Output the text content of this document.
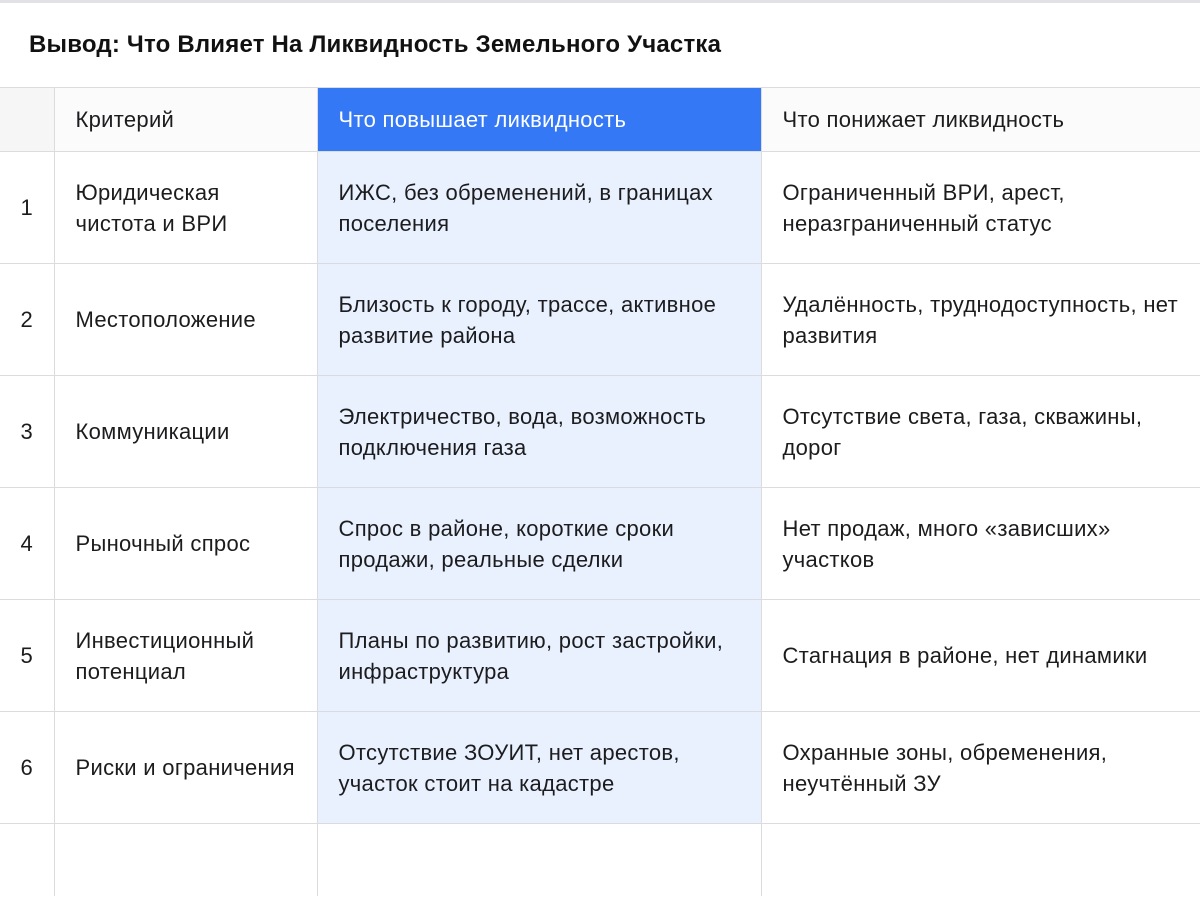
Вывод: Что Влияет На Ликвидность Земельного Участка
	Критерий	Что повышает ликвидность	Что понижает ликвидность
1	Юридическая чистота и ВРИ	ИЖС, без обременений, в границах поселения	Ограниченный ВРИ, арест, неразграниченный статус
2	Местоположение	Близость к городу, трассе, активное развитие района	Удалённость, труднодоступность, нет развития
3	Коммуникации	Электричество, вода, возможность подключения газа	Отсутствие света, газа, скважины, дорог
4	Рыночный спрос	Спрос в районе, короткие сроки продажи, реальные сделки	Нет продаж, много «зависших» участков
5	Инвестиционный потенциал	Планы по развитию, рост застройки, инфраструктура	Стагнация в районе, нет динамики
6	Риски и ограничения	Отсутствие ЗОУИТ, нет арестов, участок стоит на кадастре	Охранные зоны, обременения, неучтённый ЗУ
